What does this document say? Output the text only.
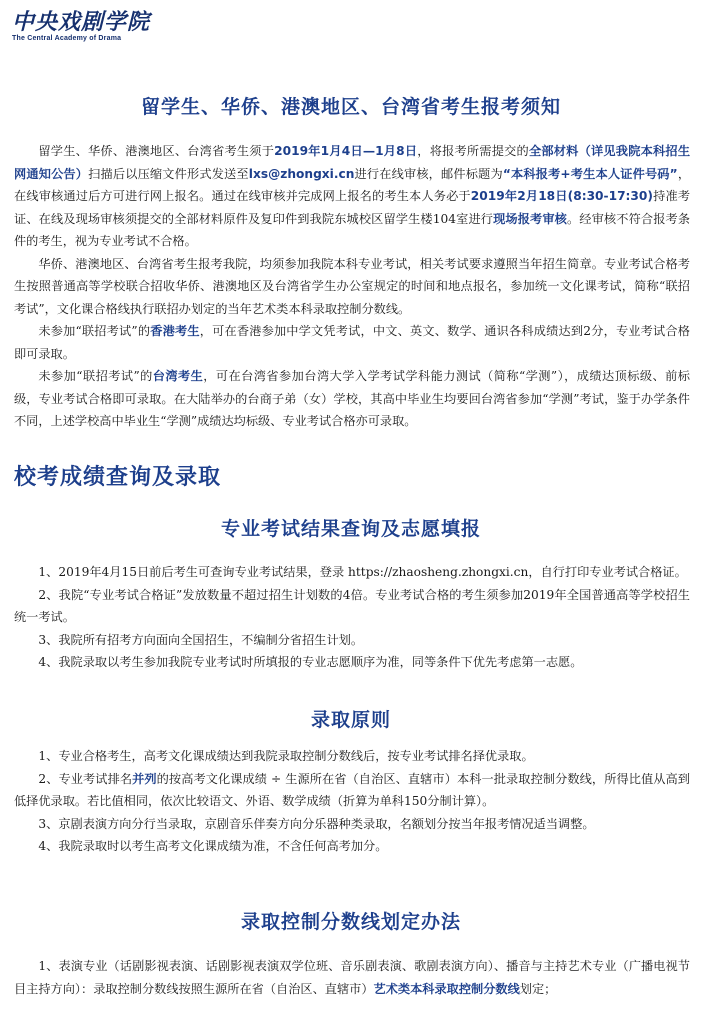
中央戏剧学院
The Central Academy of Drama
留学生、华侨、港澳地区、台湾省考生报考须知

留学生、华侨、港澳地区、台湾省考生须于2019年1月4日—1月8日，将报考所需提交的全部材料（详见我院本科招生网通知公告）扫描后以压缩文件形式发送至lxs@zhongxi.cn进行在线审核，邮件标题为“本科报考+考生本人证件号码”，在线审核通过后方可进行网上报名。通过在线审核并完成网上报名的考生本人务必于2019年2月18日(8:30-17:30)持准考证、在线及现场审核须提交的全部材料原件及复印件到我院东城校区留学生楼104室进行现场报考审核。经审核不符合报考条件的考生，视为专业考试不合格。

华侨、港澳地区、台湾省考生报考我院，均须参加我院本科专业考试，相关考试要求遵照当年招生简章。专业考试合格考生按照普通高等学校联合招收华侨、港澳地区及台湾省学生办公室规定的时间和地点报名，参加统一文化课考试，简称“联招考试”，文化课合格线执行联招办划定的当年艺术类本科录取控制分数线。

未参加“联招考试”的香港考生，可在香港参加中学文凭考试，中文、英文、数学、通识各科成绩达到2分，专业考试合格即可录取。

未参加“联招考试”的台湾考生，可在台湾省参加台湾大学入学考试学科能力测试（简称“学测”），成绩达顶标级、前标级，专业考试合格即可录取。在大陆举办的台商子弟（女）学校，其高中毕业生均要回台湾省参加“学测”考试，鉴于办学条件不同，上述学校高中毕业生“学测”成绩达均标级、专业考试合格亦可录取。

校考成绩查询及录取
专业考试结果查询及志愿填报

1、2019年4月15日前后考生可查询专业考试结果，登录 https://zhaosheng.zhongxi.cn，自行打印专业考试合格证。

2、我院“专业考试合格证”发放数量不超过招生计划数的4倍。专业考试合格的考生须参加2019年全国普通高等学校招生统一考试。

3、我院所有招考方向面向全国招生，不编制分省招生计划。

4、我院录取以考生参加我院专业考试时所填报的专业志愿顺序为准，同等条件下优先考虑第一志愿。

录取原则

1、专业合格考生，高考文化课成绩达到我院录取控制分数线后，按专业考试排名择优录取。

2、专业考试排名并列的按高考文化课成绩 ÷ 生源所在省（自治区、直辖市）本科一批录取控制分数线，所得比值从高到低择优录取。若比值相同，依次比较语文、外语、数学成绩（折算为单科150分制计算）。

3、京剧表演方向分行当录取，京剧音乐伴奏方向分乐器种类录取，名额划分按当年报考情况适当调整。

4、我院录取时以考生高考文化课成绩为准，不含任何高考加分。

录取控制分数线划定办法

1、表演专业（话剧影视表演、话剧影视表演双学位班、音乐剧表演、歌剧表演方向）、播音与主持艺术专业（广播电视节目主持方向）：录取控制分数线按照生源所在省（自治区、直辖市）艺术类本科录取控制分数线划定；
